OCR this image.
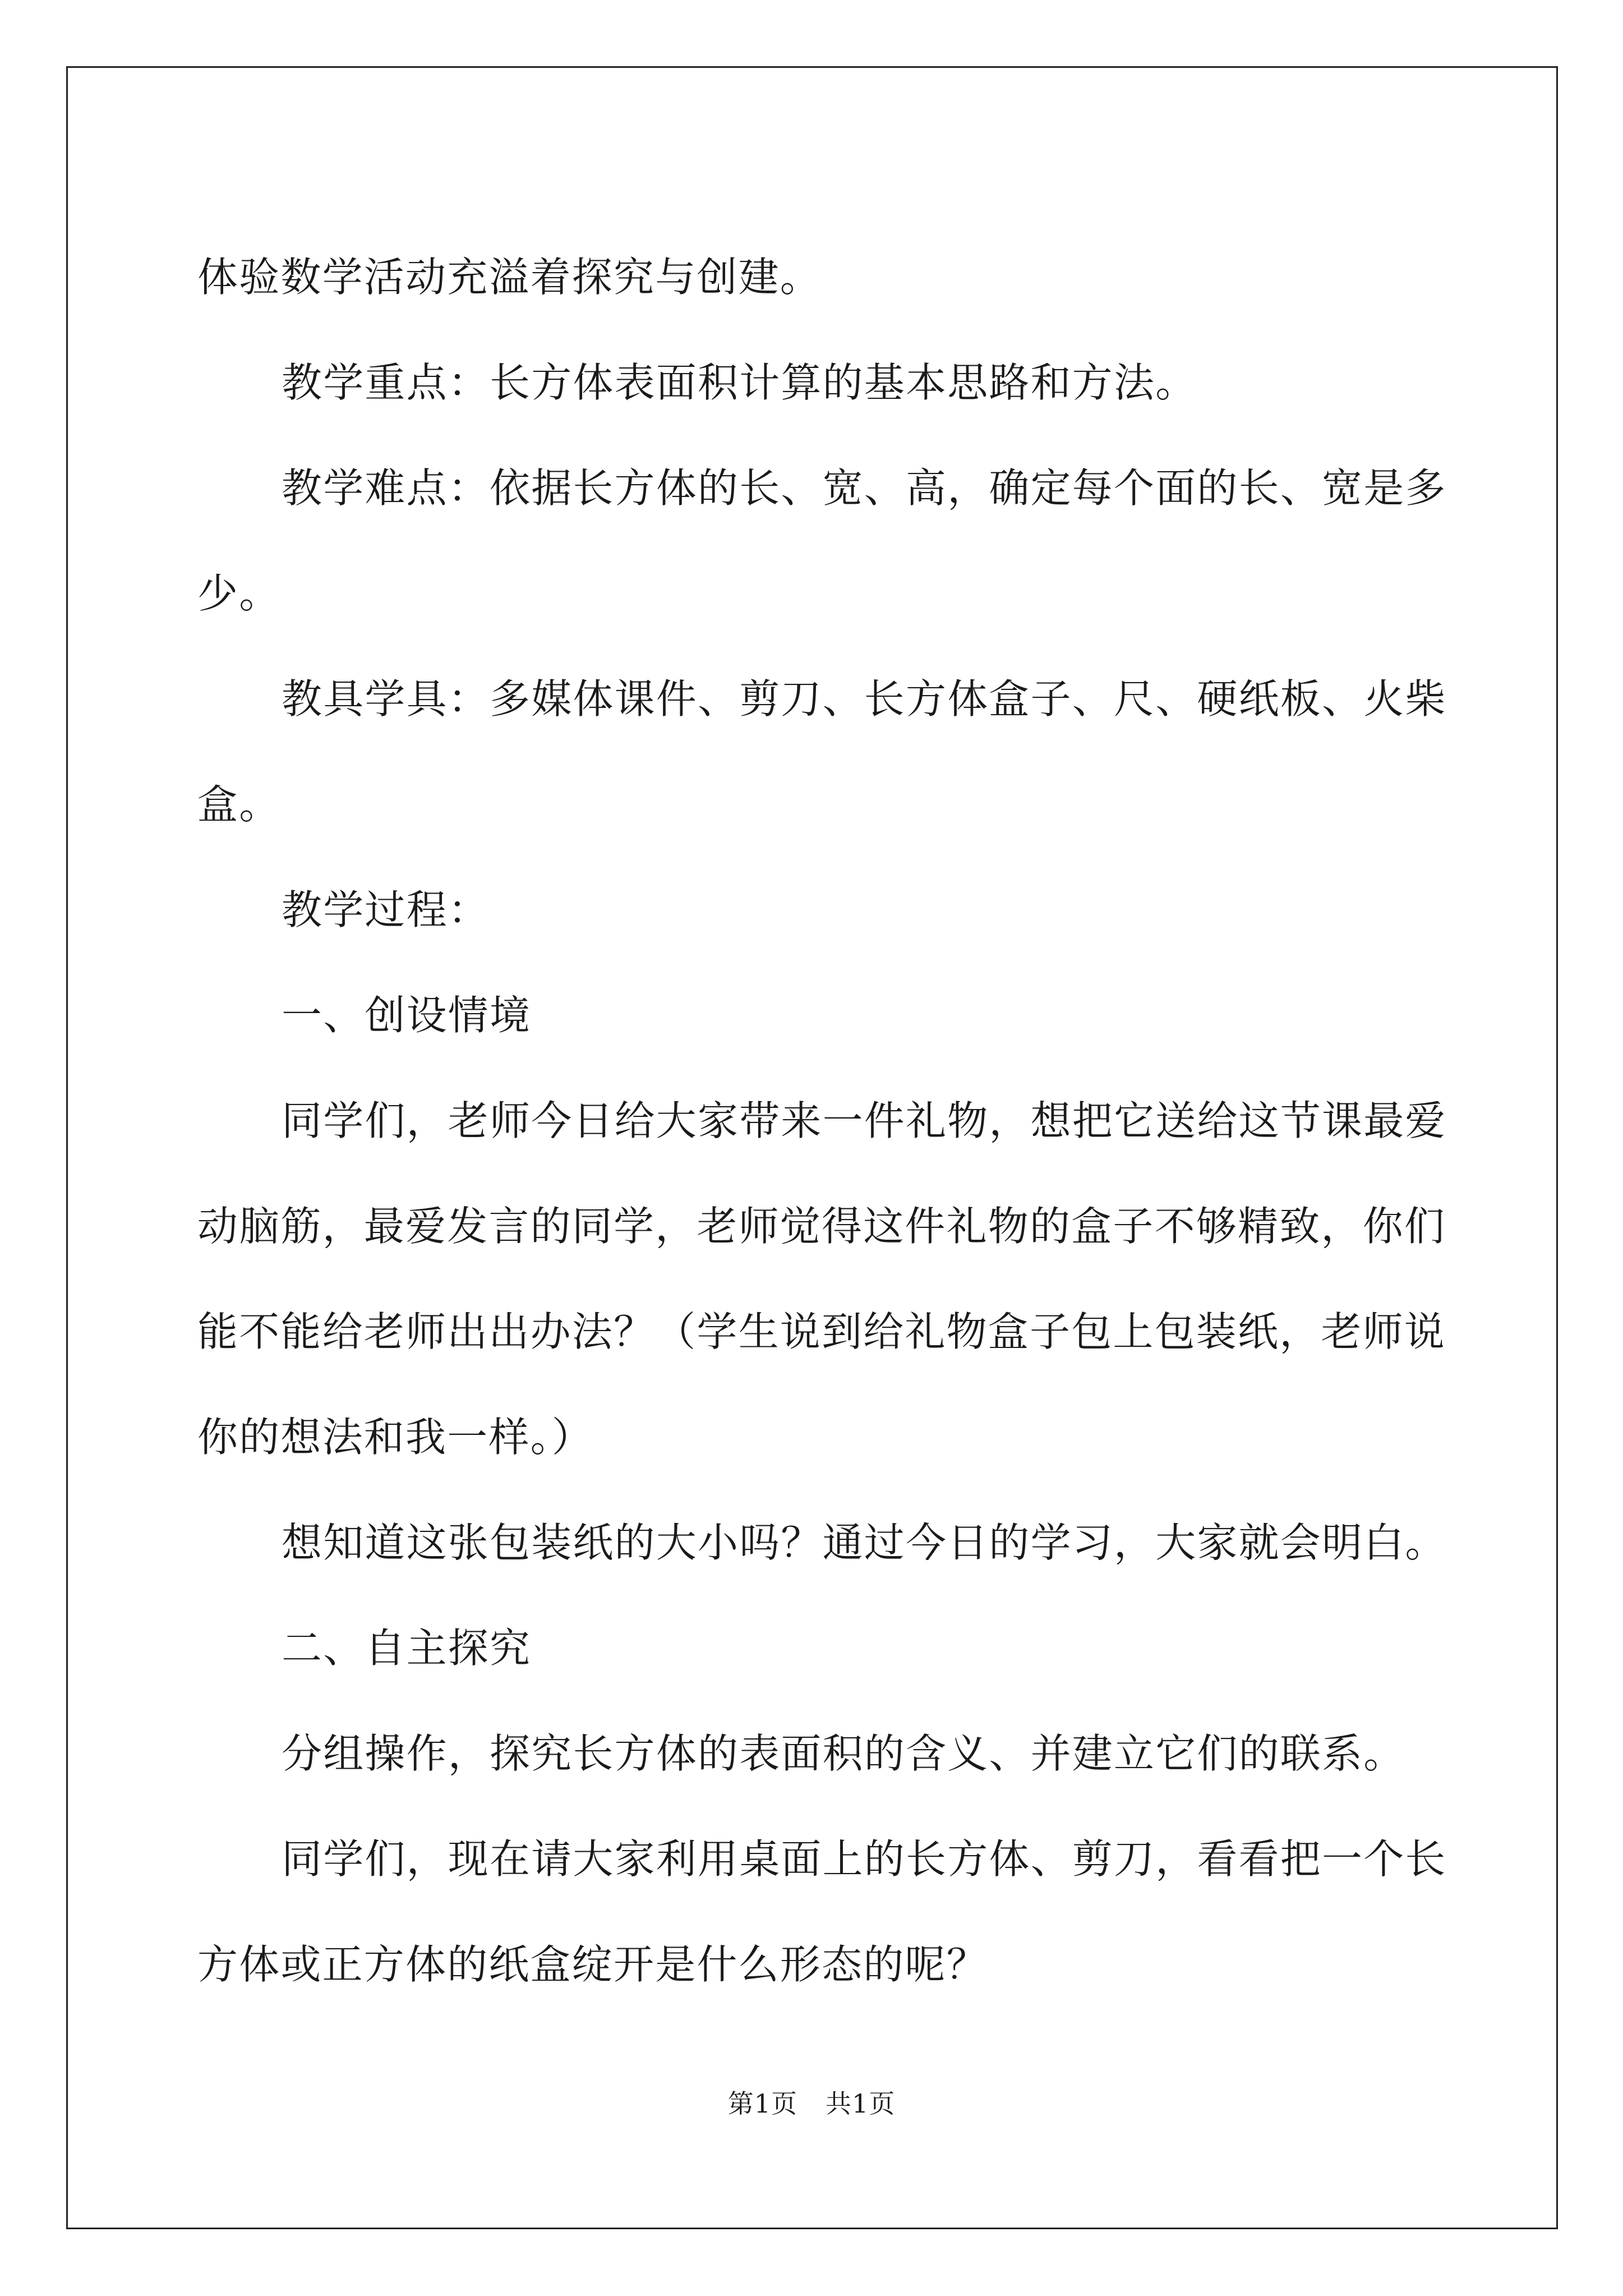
体验数学活动充溢着探究与创建。

教学重点：长方体表面积计算的基本思路和方法。

教学难点：依据长方体的长、宽、高，确定每个面的长、宽是多

少。

教具学具：多媒体课件、剪刀、长方体盒子、尺、硬纸板、火柴

盒。

教学过程：

一、创设情境

同学们，老师今日给大家带来一件礼物，想把它送给这节课最爱

动脑筋，最爱发言的同学，老师觉得这件礼物的盒子不够精致，你们

能不能给老师出出办法？（学生说到给礼物盒子包上包装纸，老师说

你的想法和我一样。）

想知道这张包装纸的大小吗？通过今日的学习，大家就会明白。

二、自主探究

分组操作，探究长方体的表面积的含义、并建立它们的联系。

同学们，现在请大家利用桌面上的长方体、剪刀，看看把一个长

方体或正方体的纸盒绽开是什么形态的呢？

第1页 共1页
